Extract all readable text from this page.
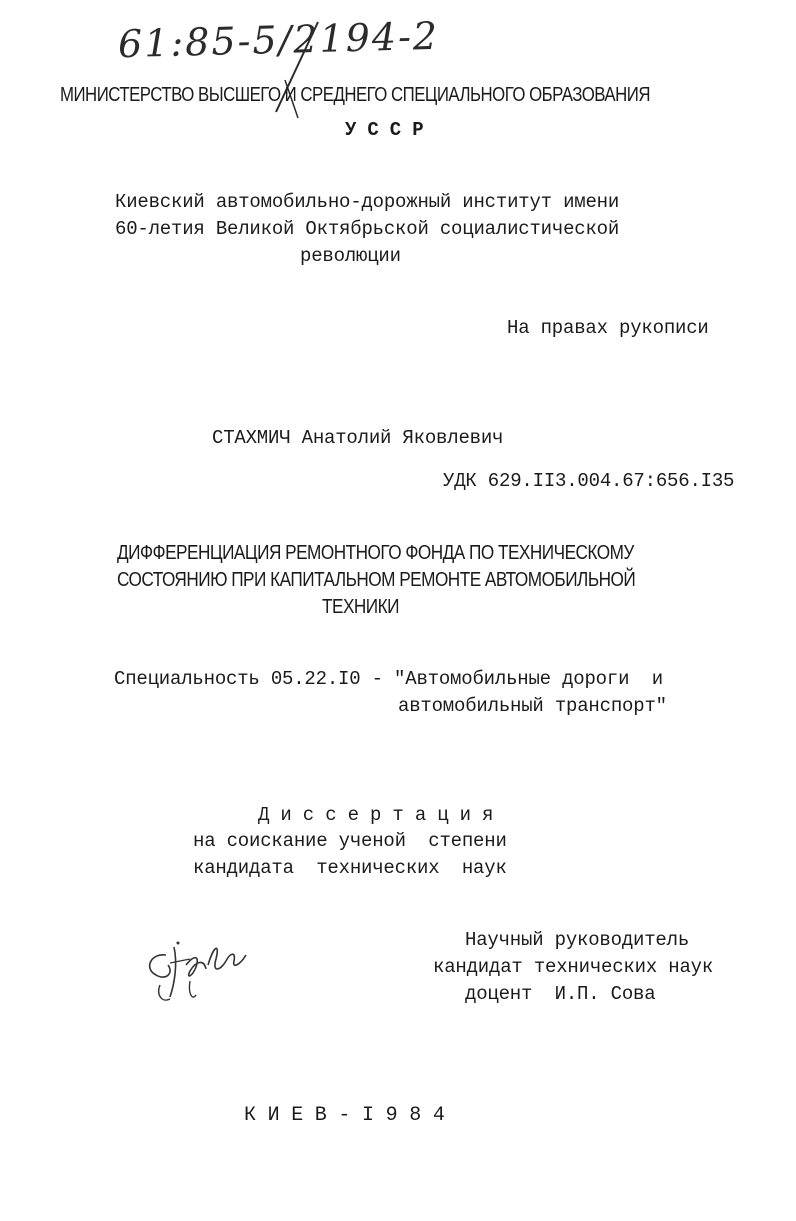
61:85-5/2194-2
МИНИСТЕРСТВО ВЫСШЕГО И СРЕДНЕГО СПЕЦИАЛЬНОГО ОБРАЗОВАНИЯ
У С С Р
Киевский автомобильно-дорожный институт имени
60-летия Великой Октябрьской социалистической
революции
На правах рукописи
СТАХМИЧ Анатолий Яковлевич
УДК 629.II3.004.67:656.I35
ДИФФЕРЕНЦИАЦИЯ РЕМОНТНОГО ФОНДА ПО ТЕХНИЧЕСКОМУ
СОСТОЯНИЮ ПРИ КАПИТАЛЬНОМ РЕМОНТЕ АВТОМОБИЛЬНОЙ
ТЕХНИКИ
Специальность 05.22.I0 - "Автомобильные дороги  и
автомобильный транспорт"
Д и с с е р т а ц и я
на соискание ученой  степени
кандидата  технических  наук
Научный руководитель
кандидат технических наук
доцент  И.П. Сова
К И Е В - I 9 8 4
